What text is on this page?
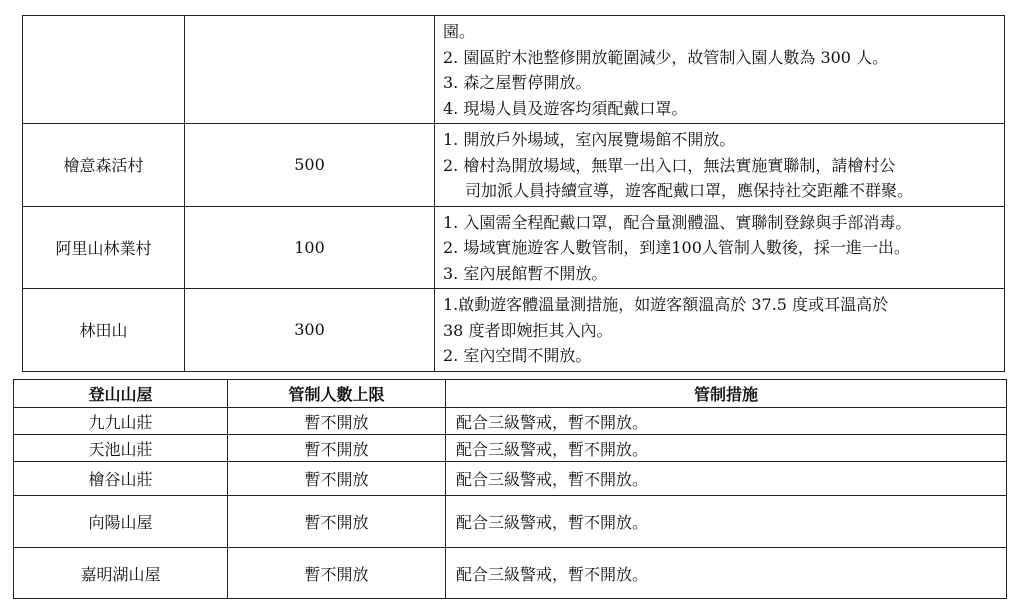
		園。
2. 園區貯木池整修開放範圍減少，故管制入園人數為 300 人。
3. 森之屋暫停開放。
4. 現場人員及遊客均須配戴口罩。

檜意森活村	500	1. 開放戶外場域，室內展覽場館不開放。
2. 檜村為開放場域，無單一出入口，無法實施實聯制，請檜村公
司加派人員持續宣導，遊客配戴口罩，應保持社交距離不群聚。

阿里山林業村	100	1. 入園需全程配戴口罩，配合量測體溫、實聯制登錄與手部消毒。
2. 場域實施遊客人數管制，到達100人管制人數後，採一進一出。
3. 室內展館暫不開放。

林田山	300	1.啟動遊客體溫量測措施，如遊客額溫高於 37.5 度或耳溫高於
38 度者即婉拒其入內。
2. 室內空間不開放。
登山山屋	管制人數上限	管制措施
九九山莊	暫不開放	配合三級警戒，暫不開放。
天池山莊	暫不開放	配合三級警戒，暫不開放。
檜谷山莊	暫不開放	配合三級警戒，暫不開放。
向陽山屋	暫不開放	配合三級警戒，暫不開放。
嘉明湖山屋	暫不開放	配合三級警戒，暫不開放。
